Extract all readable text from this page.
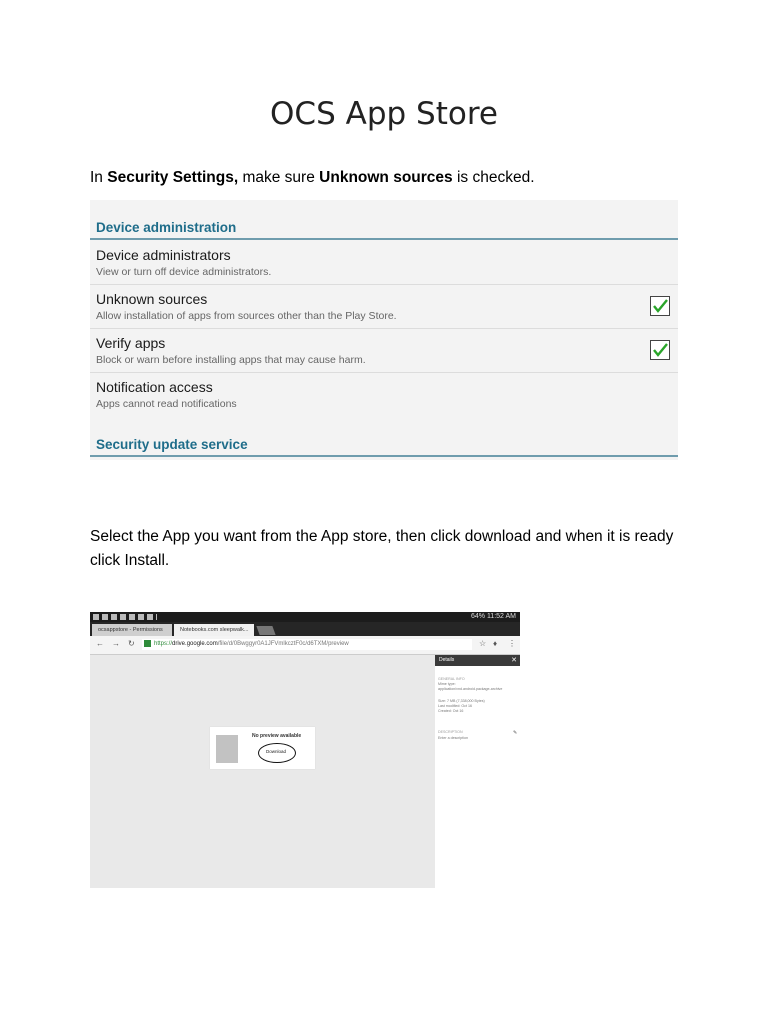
OCS App Store
In Security Settings, make sure Unknown sources is checked.
Device administration
Device administrators
View or turn off device administrators.
Unknown sources
Allow installation of apps from sources other than the Play Store.
Verify apps
Block or warn before installing apps that may cause harm.
Notification access
Apps cannot read notifications
Security update service
Select the App you want from the App store, then click download and when it is ready click Install.
64% 11:52 AM
ocsappstore - Permissions	Notebooks.com sleepwalk...
← → ↻	https://drive.google.com/file/d/0Bwggyr0A1JFVmlkcztF0c/d6TXM/preview	☆ ♦ ⋮
No preview available
Download
Details	✕
GENERAL INFO
Mime type:
application/vnd.android.package-archive
Size: 7 MB (7,338,000 Bytes)
Last modified: Oct 16
Created: Oct 16
DESCRIPTION	✎
Enter a description
